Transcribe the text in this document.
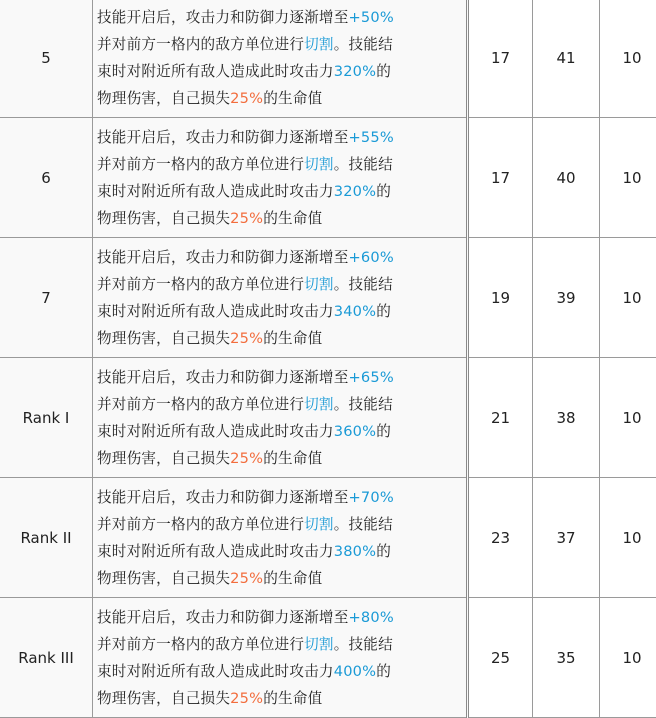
5	技能开启后，攻击力和防御力逐渐增至+50%
并对前方一格内的敌方单位进行切割。技能结
束时对附近所有敌人造成此时攻击力320%的
物理伤害，自己损失25%的生命值	17	41	10
6	技能开启后，攻击力和防御力逐渐增至+55%
并对前方一格内的敌方单位进行切割。技能结
束时对附近所有敌人造成此时攻击力320%的
物理伤害，自己损失25%的生命值	17	40	10
7	技能开启后，攻击力和防御力逐渐增至+60%
并对前方一格内的敌方单位进行切割。技能结
束时对附近所有敌人造成此时攻击力340%的
物理伤害，自己损失25%的生命值	19	39	10
Rank I	技能开启后，攻击力和防御力逐渐增至+65%
并对前方一格内的敌方单位进行切割。技能结
束时对附近所有敌人造成此时攻击力360%的
物理伤害，自己损失25%的生命值	21	38	10
Rank II	技能开启后，攻击力和防御力逐渐增至+70%
并对前方一格内的敌方单位进行切割。技能结
束时对附近所有敌人造成此时攻击力380%的
物理伤害，自己损失25%的生命值	23	37	10
Rank III	技能开启后，攻击力和防御力逐渐增至+80%
并对前方一格内的敌方单位进行切割。技能结
束时对附近所有敌人造成此时攻击力400%的
物理伤害，自己损失25%的生命值	25	35	10
